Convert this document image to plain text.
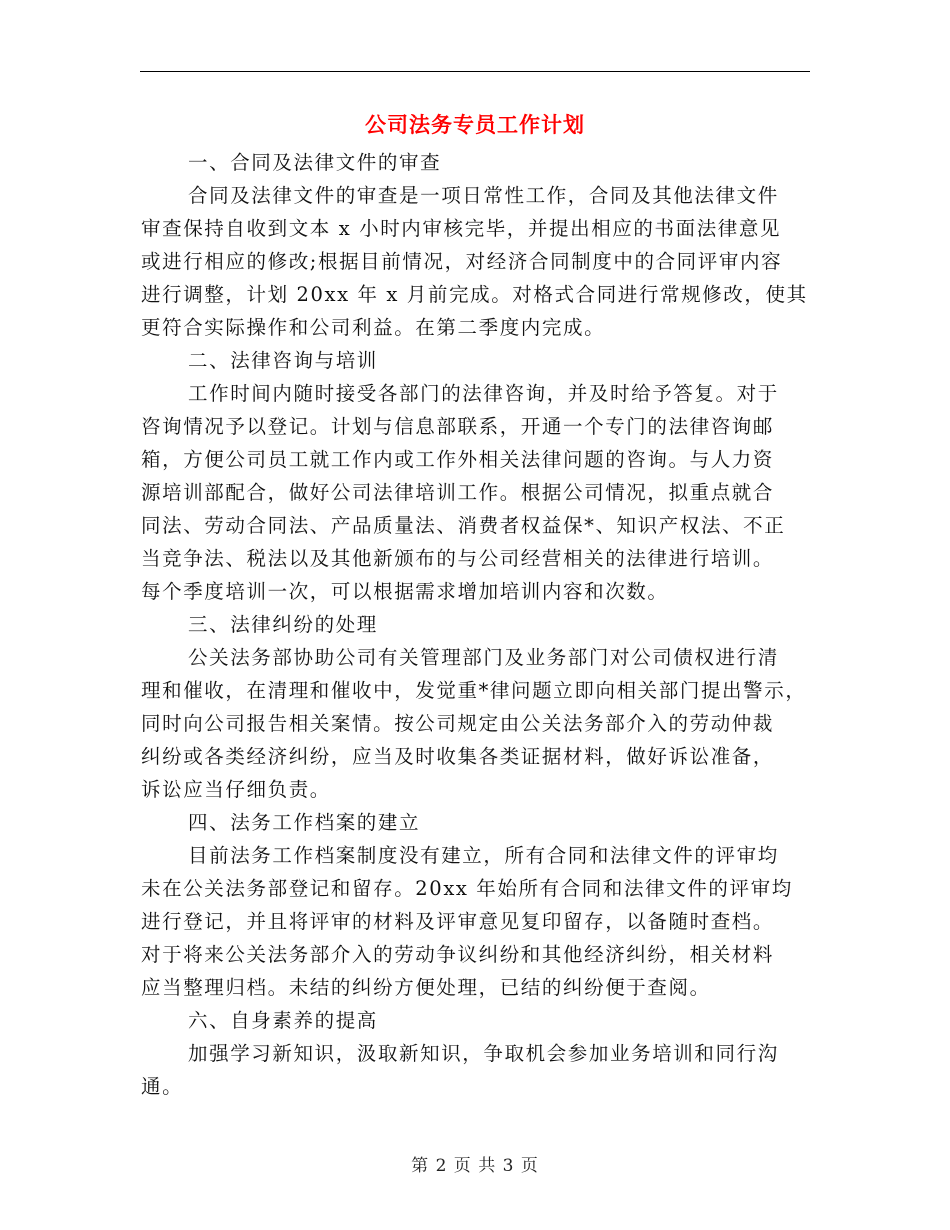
公司法务专员工作计划
一、合同及法律文件的审查
合同及法律文件的审查是一项日常性工作，合同及其他法律文件
审查保持自收到文本 x 小时内审核完毕，并提出相应的书面法律意见
或进行相应的修改;根据目前情况，对经济合同制度中的合同评审内容
进行调整，计划 20xx 年 x 月前完成。对格式合同进行常规修改，使其
更符合实际操作和公司利益。在第二季度内完成。
二、法律咨询与培训
工作时间内随时接受各部门的法律咨询，并及时给予答复。对于
咨询情况予以登记。计划与信息部联系，开通一个专门的法律咨询邮
箱，方便公司员工就工作内或工作外相关法律问题的咨询。与人力资
源培训部配合，做好公司法律培训工作。根据公司情况，拟重点就合
同法、劳动合同法、产品质量法、消费者权益保*、知识产权法、不正
当竞争法、税法以及其他新颁布的与公司经营相关的法律进行培训。
每个季度培训一次，可以根据需求增加培训内容和次数。
三、法律纠纷的处理
公关法务部协助公司有关管理部门及业务部门对公司债权进行清
理和催收，在清理和催收中，发觉重*律问题立即向相关部门提出警示，
同时向公司报告相关案情。按公司规定由公关法务部介入的劳动仲裁
纠纷或各类经济纠纷，应当及时收集各类证据材料，做好诉讼准备，
诉讼应当仔细负责。
四、法务工作档案的建立
目前法务工作档案制度没有建立，所有合同和法律文件的评审均
未在公关法务部登记和留存。20xx 年始所有合同和法律文件的评审均
进行登记，并且将评审的材料及评审意见复印留存，以备随时查档。
对于将来公关法务部介入的劳动争议纠纷和其他经济纠纷，相关材料
应当整理归档。未结的纠纷方便处理，已结的纠纷便于查阅。
六、自身素养的提高
加强学习新知识，汲取新知识，争取机会参加业务培训和同行沟
通。
第 2 页 共 3 页
